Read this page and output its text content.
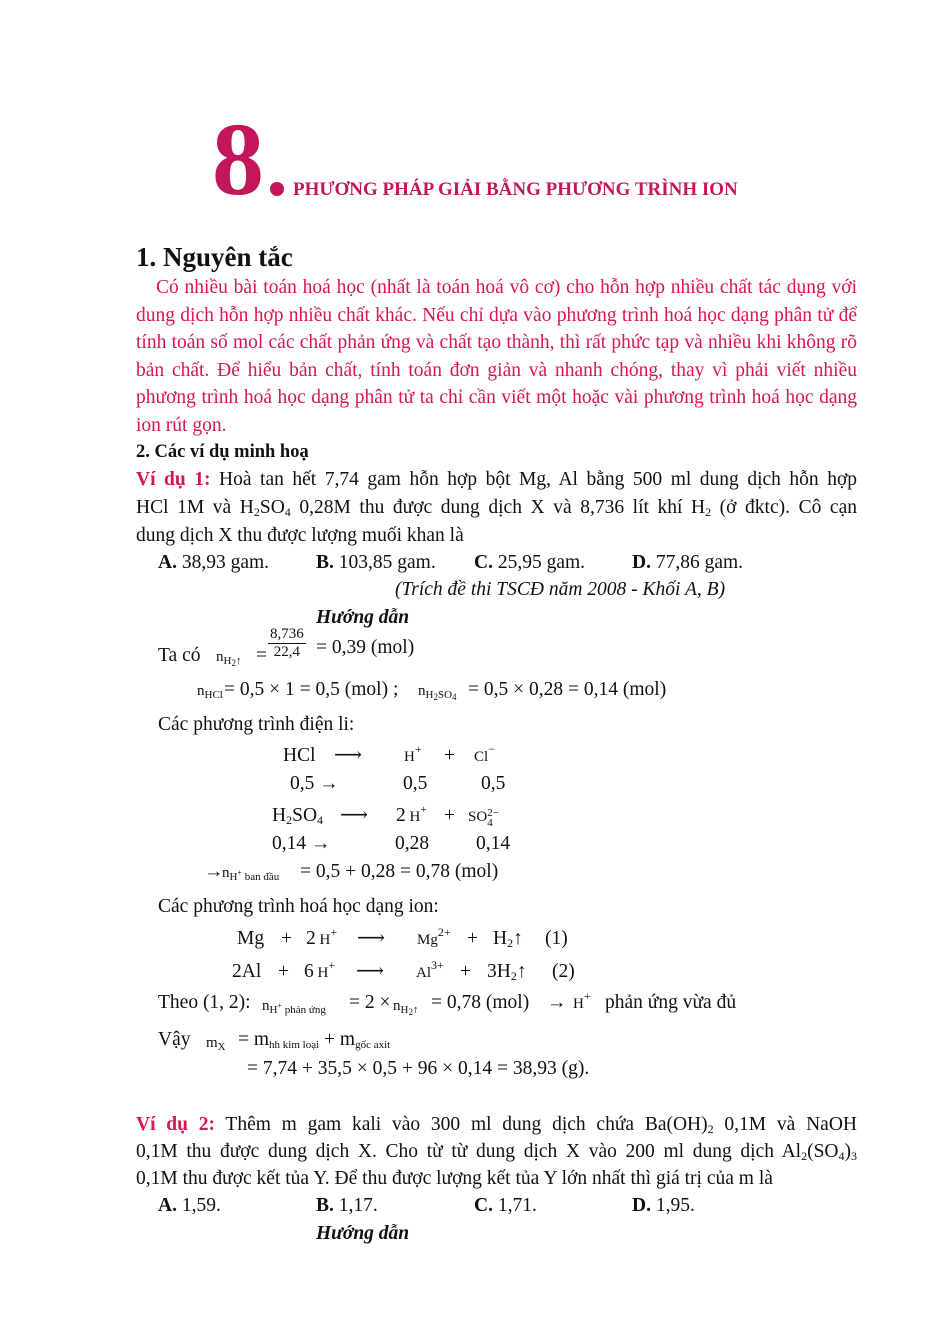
8 PHƯƠNG PHÁP GIẢI BẰNG PHƯƠNG TRÌNH ION
1. Nguyên tắc
Có nhiều bài toán hoá học (nhất là toán hoá vô cơ) cho hỗn hợp nhiều chất tác dụng với dung dịch hỗn hợp nhiều chất khác. Nếu chỉ dựa vào phương trình hoá học dạng phân tử để tính toán số mol các chất phản ứng và chất tạo thành, thì rất phức tạp và nhiều khi không rõ bản chất. Để hiểu bản chất, tính toán đơn giản và nhanh chóng, thay vì phải viết nhiều phương trình hoá học dạng phân tử ta chỉ cần viết một hoặc vài phương trình hoá học dạng ion rút gọn.
2. Các ví dụ minh hoạ
Ví dụ 1: Hoà tan hết 7,74 gam hỗn hợp bột Mg, Al bằng 500 ml dung dịch hỗn hợp
HCl 1M và $H_2SO_4$ 0,28M thu được dung dịch X và 8,736 lít khí $H_2$ (ở đktc). Cô cạn
dung dịch X thu được lượng muối khan là
A. 38,93 gam. B. 103,85 gam. C. 25,95 gam. D. 77,86 gam.
(Trích đề thi TSCĐ năm 2008 - Khối A, B)
Hướng dẫn
Ta có $n_{H_2↑} = \frac{8,736}{22,4} = 0,39$ (mol)
$n_{HCl} = 0,5 \times 1 = 0,5$ (mol) ; $n_{H_2SO_4} = 0,5 \times 0,28 = 0,14$ (mol)
Các phương trình điện li:
HCl ⟶	H+ + Cl−
0,5 →	0,5	0,5
$H_2SO_4$ ⟶ 2 H+ + SO 2−
4
0,14 →	0,28 0,14
→
$n_{H^+ ban đầu} = 0,5 + 0,28 = 0,78$ (mol)
Các phương trình hoá học dạng ion:
Mg + 2 H+ ⟶ $Mg^{2+}$ + $H_2↑$ (1)
2Al + 6 H+ ⟶ $Al^{3+}$ + $3H_2↑$ (2)
Theo (1, 2): $n_{H^+ phản ứng} = 2 \times n_{H_2↑} = 0,78$ (mol) → H+ phản ứng vừa đủ
Vậy $m_X = m_{hh kim loại} + m_{gốc axit}$
= 7,74 + 35,5 × 0,5 + 96 × 0,14 = 38,93 (g).
Ví dụ 2: Thêm m gam kali vào 300 ml dung dịch chứa $Ba(OH)_2$ 0,1M và NaOH
0,1M thu được dung dịch X. Cho từ từ dung dịch X vào 200 ml dung dịch $Al_2(SO_4)_3$
0,1M thu được kết tủa Y. Để thu được lượng kết tủa Y lớn nhất thì giá trị của m là
A. 1,59.	B. 1,17.	C. 1,71.	D. 1,95.
Hướng dẫn
